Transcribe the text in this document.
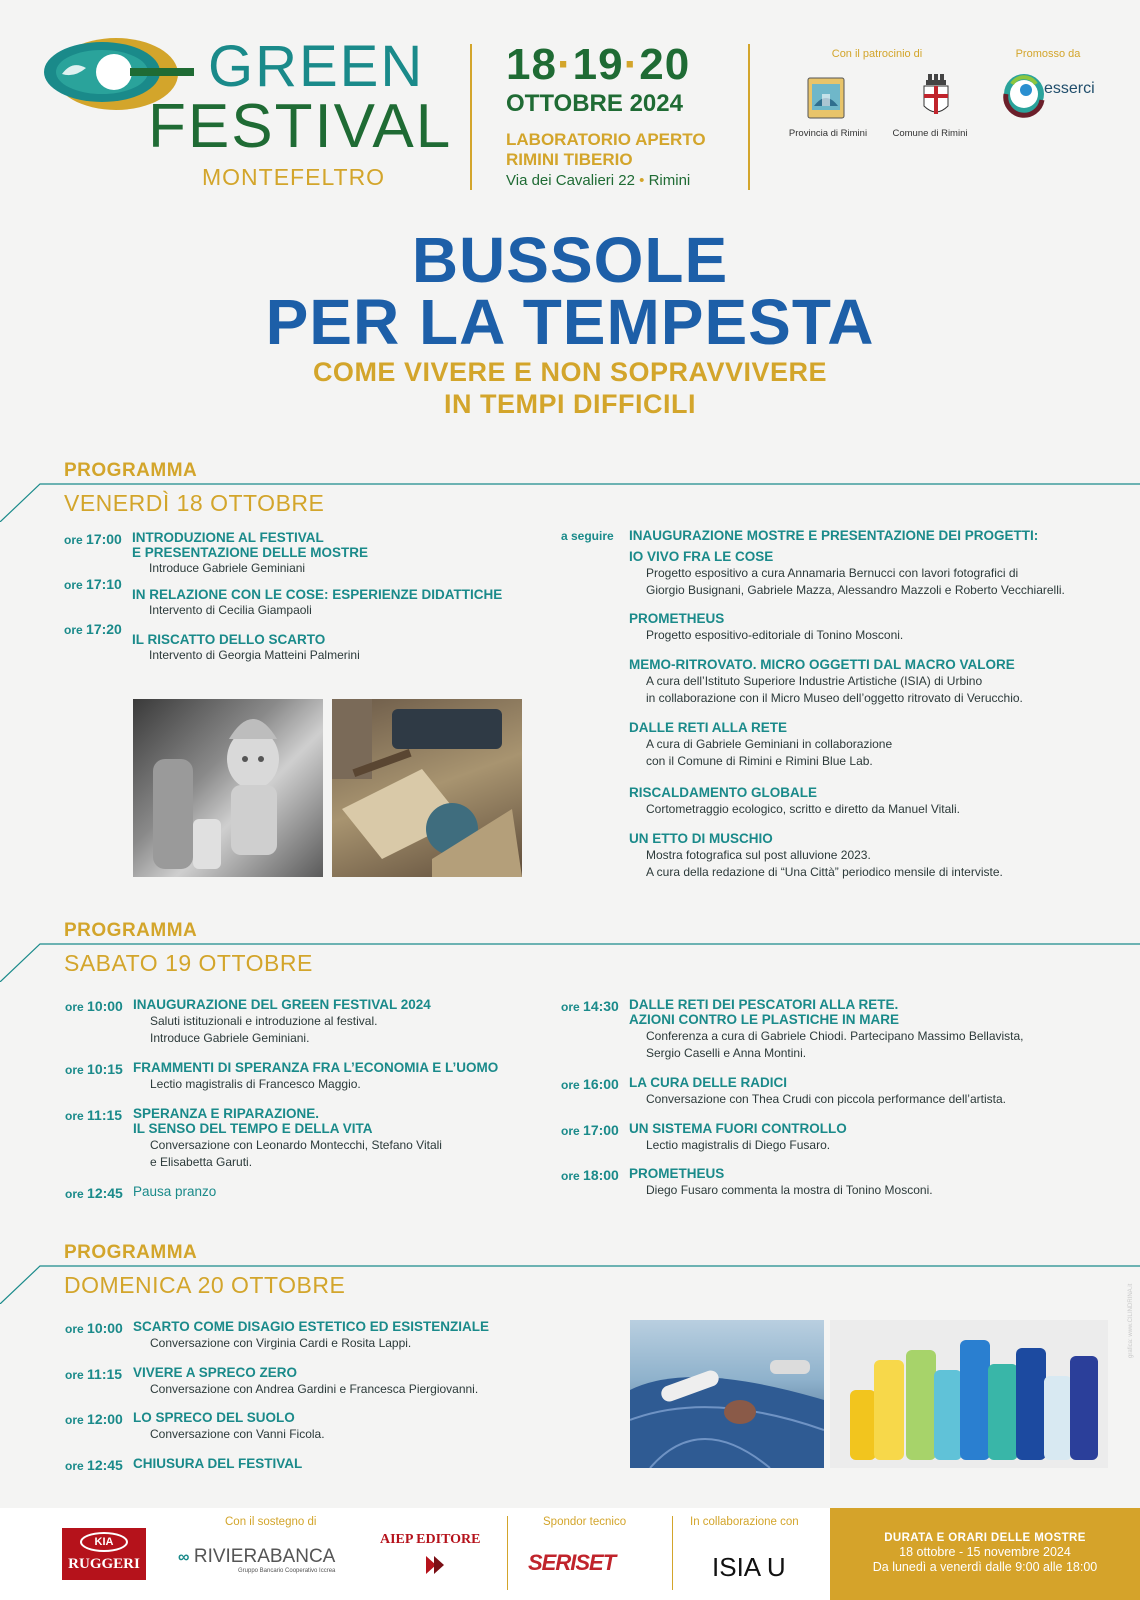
GREEN
FESTIVAL
MONTEFELTRO
18·19·20
OTTOBRE 2024
LABORATORIO APERTO
RIMINI TIBERIO
Via dei Cavalieri 22 • Rimini
Con il patrocinio di	Promosso da
Provincia di Rimini	Comune di Rimini
esserci
BUSSOLE
PER LA TEMPESTA
COME VIVERE E NON SOPRAVVIVERE
IN TEMPI DIFFICILI
PROGRAMMA
VENERDÌ 18 OTTOBRE
ore 17:00 INTRODUZIONE AL FESTIVAL
E PRESENTAZIONE DELLE MOSTRE
Introduce Gabriele Geminiani
ore 17:10
IN RELAZIONE CON LE COSE: ESPERIENZE DIDATTICHE
Intervento di Cecilia Giampaoli
ore 17:20
IL RISCATTO DELLO SCARTO
Intervento di Georgia Matteini Palmerini
a seguire INAUGURAZIONE MOSTRE E PRESENTAZIONE DEI PROGETTI:
IO VIVO FRA LE COSE
Progetto espositivo a cura Annamaria Bernucci con lavori fotografici di
Giorgio Busignani, Gabriele Mazza, Alessandro Mazzoli e Roberto Vecchiarelli.
PROMETHEUS
Progetto espositivo-editoriale di Tonino Mosconi.
MEMO-RITROVATO. MICRO OGGETTI DAL MACRO VALORE
A cura dell’Istituto Superiore Industrie Artistiche (ISIA) di Urbino
in collaborazione con il Micro Museo dell’oggetto ritrovato di Verucchio.
DALLE RETI ALLA RETE
A cura di Gabriele Geminiani in collaborazione
con il Comune di Rimini e Rimini Blue Lab.
RISCALDAMENTO GLOBALE
Cortometraggio ecologico, scritto e diretto da Manuel Vitali.
UN ETTO DI MUSCHIO
Mostra fotografica sul post alluvione 2023.
A cura della redazione di “Una Città” periodico mensile di interviste.
PROGRAMMA
SABATO 19 OTTOBRE
ore 10:00 INAUGURAZIONE DEL GREEN FESTIVAL 2024
Saluti istituzionali e introduzione al festival.
Introduce Gabriele Geminiani.
ore 10:15 FRAMMENTI DI SPERANZA FRA L’ECONOMIA E L’UOMO
Lectio magistralis di Francesco Maggio.
ore 11:15 SPERANZA E RIPARAZIONE.
IL SENSO DEL TEMPO E DELLA VITA
Conversazione con Leonardo Montecchi, Stefano Vitali
e Elisabetta Garuti.
ore 12:45 Pausa pranzo
ore 14:30 DALLE RETI DEI PESCATORI ALLA RETE.
AZIONI CONTRO LE PLASTICHE IN MARE
Conferenza a cura di Gabriele Chiodi. Partecipano Massimo Bellavista,
Sergio Caselli e Anna Montini.
ore 16:00 LA CURA DELLE RADICI
Conversazione con Thea Crudi con piccola performance dell’artista.
ore 17:00 UN SISTEMA FUORI CONTROLLO
Lectio magistralis di Diego Fusaro.
ore 18:00 PROMETHEUS
Diego Fusaro commenta la mostra di Tonino Mosconi.
PROGRAMMA
DOMENICA 20 OTTOBRE
ore 10:00 SCARTO COME DISAGIO ESTETICO ED ESISTENZIALE
Conversazione con Virginia Cardi e Rosita Lappi.
ore 11:15 VIVERE A SPRECO ZERO
Conversazione con Andrea Gardini e Francesca Piergiovanni.
ore 12:00 LO SPRECO DEL SUOLO
Conversazione con Vanni Ficola.
ore 12:45 CHIUSURA DEL FESTIVAL
grafica: www.CILINDRINA.it
Con il sostegno di
KIA
RUGGERI	∞ RIVIERABANCA
Gruppo Bancario Cooperativo Iccrea
AIEP EDITORE
Spondor tecnico
SERISET
In collaborazione con
ISIA U
DURATA E ORARI DELLE MOSTRE
18 ottobre - 15 novembre 2024
Da lunedì a venerdì dalle 9:00 alle 18:00
